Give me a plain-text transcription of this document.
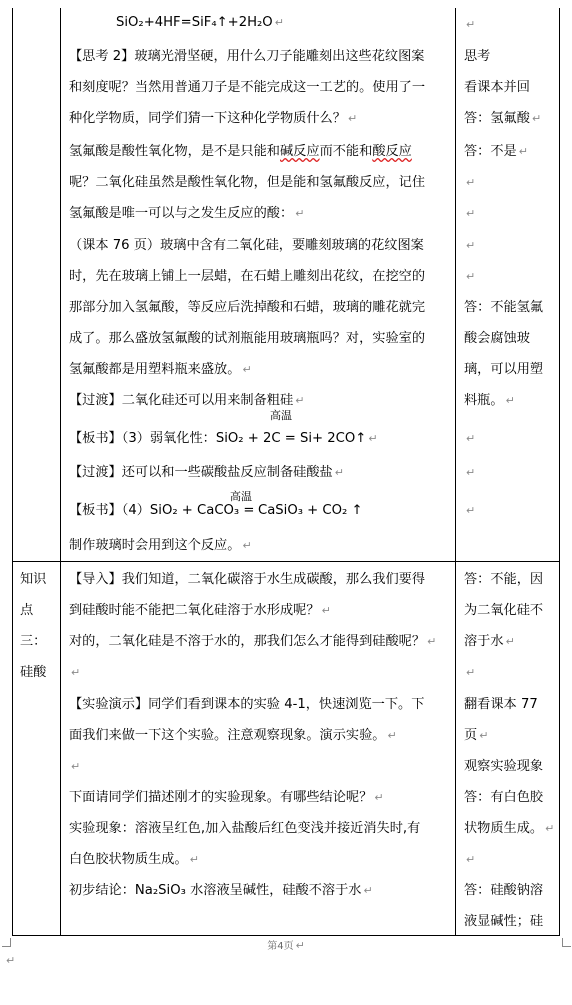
SiO₂+4HF=SiF₄↑+2H₂O ↵
【思考 2】玻璃光滑坚硬，用什么刀子能雕刻出这些花纹图案
和刻度呢？当然用普通刀子是不能完成这一工艺的。使用了一
种化学物质，同学们猜一下这种化学物质什么？ ↵
氢氟酸是酸性氧化物，是不是只能和碱反应而不能和酸反应
呢？二氧化硅虽然是酸性氧化物，但是能和氢氟酸反应，记住
氢氟酸是唯一可以与之发生反应的酸： ↵
（课本 76 页）玻璃中含有二氧化硅，要雕刻玻璃的花纹图案
时，先在玻璃上铺上一层蜡，在石蜡上雕刻出花纹，在挖空的
那部分加入氢氟酸，等反应后洗掉酸和石蜡，玻璃的雕花就完
成了。那么盛放氢氟酸的试剂瓶能用玻璃瓶吗？对，实验室的
氢氟酸都是用塑料瓶来盛放。 ↵
【过渡】二氧化硅还可以用来制备粗硅 ↵
高温
【板书】（3）弱氧化性：SiO₂ + 2C = Si+ 2CO↑ ↵
【过渡】还可以和一些碳酸盐反应制备硅酸盐 ↵
高温
【板书】（4）SiO₂ + CaCO₃ = CaSiO₃ + CO₂ ↑
制作玻璃时会用到这个反应。 ↵
↵
思考
看课本并回
答：氢氟酸 ↵
答：不是 ↵
↵
↵
↵
↵
答：不能氢氟
酸会腐蚀玻
璃，可以用塑
料瓶。 ↵
↵
↵
↵
知识
点
三：
硅酸
【导入】我们知道，二氧化碳溶于水生成碳酸，那么我们要得
到硅酸时能不能把二氧化硅溶于水形成呢？ ↵
对的，二氧化硅是不溶于水的，那我们怎么才能得到硅酸呢？ ↵
↵
【实验演示】同学们看到课本的实验 4-1，快速浏览一下。下
面我们来做一下这个实验。注意观察现象。演示实验。 ↵
↵
下面请同学们描述刚才的实验现象。有哪些结论呢？ ↵
实验现象：溶液呈红色,加入盐酸后红色变浅并接近消失时,有
白色胶状物质生成。 ↵
初步结论：Na₂SiO₃ 水溶液呈碱性，硅酸不溶于水 ↵
答：不能，因
为二氧化硅不
溶于水 ↵
↵
翻看课本 77
页 ↵
观察实验现象
答：有白色胶
状物质生成。 ↵
↵
答：硅酸钠溶
液显碱性；硅
第4页 ↵
↵
